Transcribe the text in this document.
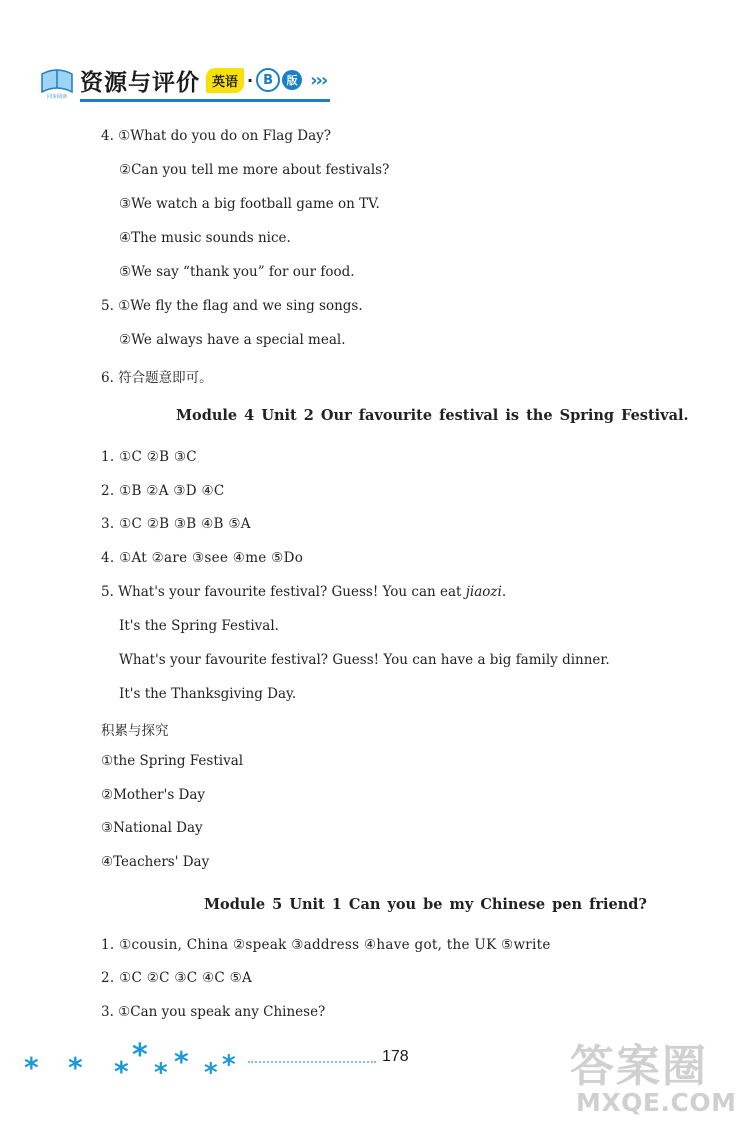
同步阅读
资源与评价 英语 · B	版 ›››
4. ①What do you do on Flag Day?
②Can you tell me more about festivals?
③We watch a big football game on TV.
④The music sounds nice.
⑤We say “thank you” for our food.
5. ①We fly the flag and we sing songs.
②We always have a special meal.
6. 符合题意即可。
Module 4 Unit 2 Our favourite festival is the Spring Festival.
1. ①C ②B ③C
2. ①B ②A ③D ④C
3. ①C ②B ③B ④B ⑤A
4. ①At ②are ③see ④me ⑤Do
5. What's your favourite festival? Guess! You can eat jiaozi.
It's the Spring Festival.
What's your favourite festival? Guess! You can have a big family dinner.
It's the Thanksgiving Day.
积累与探究
①the Spring Festival
②Mother's Day
③National Day
④Teachers' Day
Module 5 Unit 1 Can you be my Chinese pen friend?
1. ①cousin, China ②speak ③address ④have got, the UK ⑤write
2. ①C ②C ③C ④C ⑤A
3. ①Can you speak any Chinese?
* * * * * * * *	178	答案圈
MXQE.COM
